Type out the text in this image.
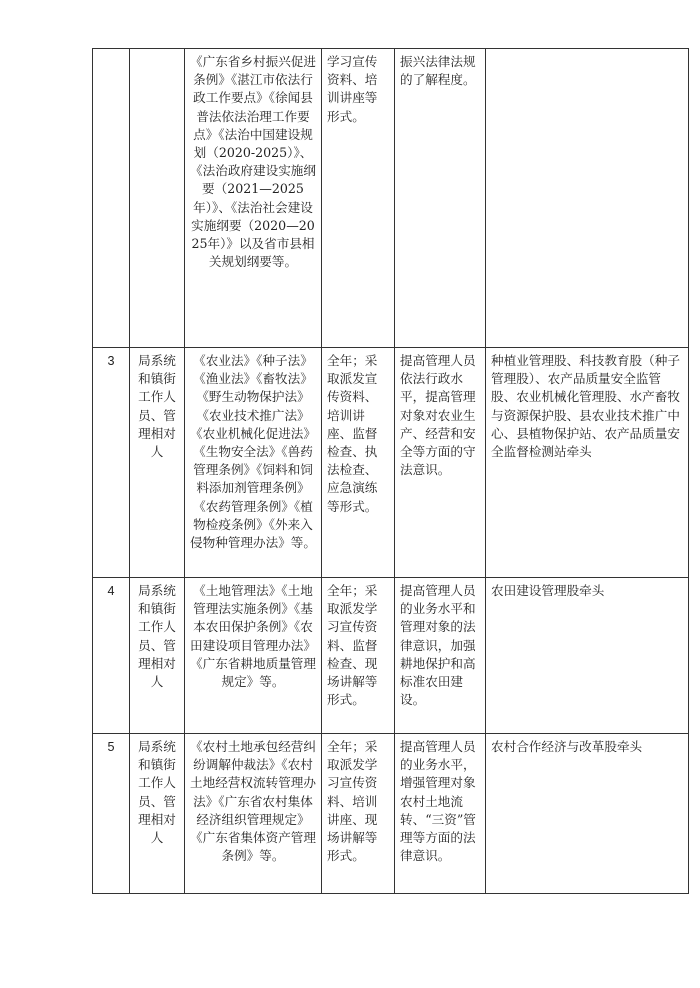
		《广东省乡村振兴促进条例》《湛江市依法行政工作要点》《徐闻县普法依法治理工作要点》《法治中国建设规划（2020-2025）》、《法治政府建设实施纲要（2021—2025年）》、《法治社会建设实施纲要（2020—2025年）》以及省市县相关规划纲要等。	学习宣传资料、培训讲座等形式。	振兴法律法规的了解程度。	
3	局系统和镇街工作人员、管理相对人	《农业法》《种子法》《渔业法》《畜牧法》《野生动物保护法》《农业技术推广法》《农业机械化促进法》《生物安全法》《兽药管理条例》《饲料和饲料添加剂管理条例》《农药管理条例》《植物检疫条例》《外来入侵物种管理办法》等。	全年；采取派发宣传资料、培训讲座、监督检查、执法检查、应急演练等形式。	提高管理人员依法行政水平，提高管理对象对农业生产、经营和安全等方面的守法意识。	种植业管理股、科技教育股（种子管理股）、农产品质量安全监管股、农业机械化管理股、水产畜牧与资源保护股、县农业技术推广中心、县植物保护站、农产品质量安全监督检测站牵头
4	局系统和镇街工作人员、管理相对人	《土地管理法》《土地管理法实施条例》《基本农田保护条例》《农田建设项目管理办法》《广东省耕地质量管理规定》等。	全年；采取派发学习宣传资料、监督检查、现场讲解等形式。	提高管理人员的业务水平和管理对象的法律意识，加强耕地保护和高标准农田建设。	农田建设管理股牵头
5	局系统和镇街工作人员、管理相对人	《农村土地承包经营纠纷调解仲裁法》《农村土地经营权流转管理办法》《广东省农村集体经济组织管理规定》《广东省集体资产管理条例》等。	全年；采取派发学习宣传资料、培训讲座、现场讲解等形式。	提高管理人员的业务水平，增强管理对象农村土地流转、“三资”管理等方面的法律意识。	农村合作经济与改革股牵头
